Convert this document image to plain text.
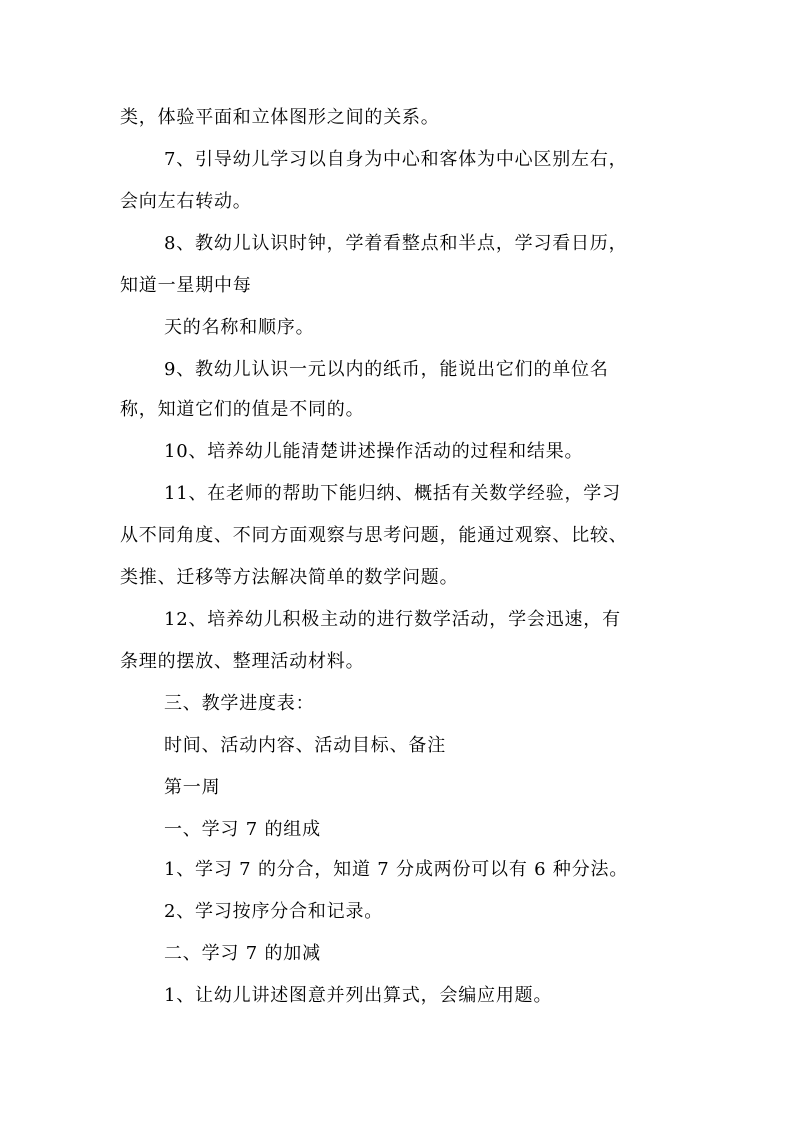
类，体验平面和立体图形之间的关系。
7、引导幼儿学习以自身为中心和客体为中心区别左右，
会向左右转动。
8、教幼儿认识时钟，学着看整点和半点，学习看日历，
知道一星期中每
天的名称和顺序。
9、教幼儿认识一元以内的纸币，能说出它们的单位名
称，知道它们的值是不同的。
10、培养幼儿能清楚讲述操作活动的过程和结果。
11、在老师的帮助下能归纳、概括有关数学经验，学习
从不同角度、不同方面观察与思考问题，能通过观察、比较、
类推、迁移等方法解决简单的数学问题。
12、培养幼儿积极主动的进行数学活动，学会迅速，有
条理的摆放、整理活动材料。
三、教学进度表：
时间、活动内容、活动目标、备注
第一周
一、学习 7 的组成
1、学习 7 的分合，知道 7 分成两份可以有 6 种分法。
2、学习按序分合和记录。
二、学习 7 的加减
1、让幼儿讲述图意并列出算式，会编应用题。
